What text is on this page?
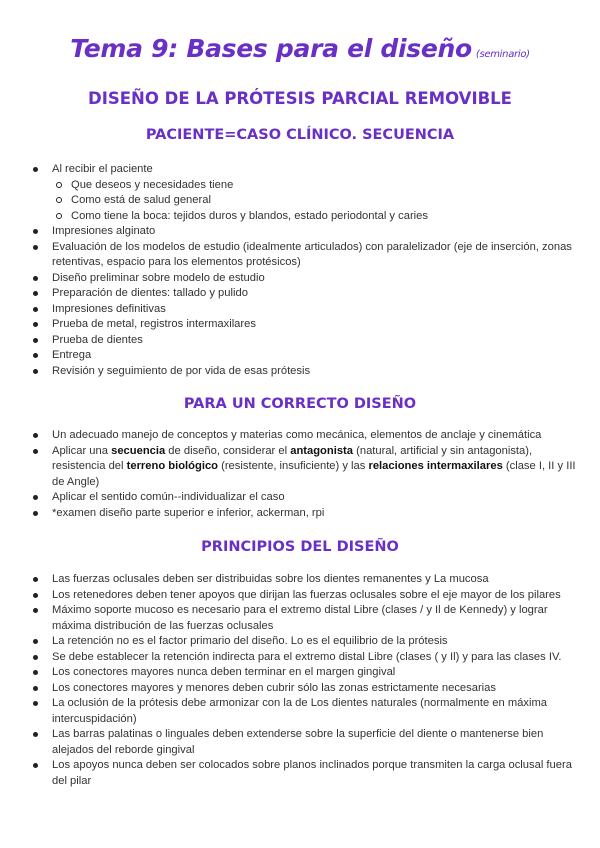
Tema 9: Bases para el diseño (seminario)
DISEÑO DE LA PRÓTESIS PARCIAL REMOVIBLE
PACIENTE=CASO CLÍNICO. SECUENCIA
Al recibir el paciente
Que deseos y necesidades tiene
Como está de salud general
Como tiene la boca: tejidos duros y blandos, estado periodontal y caries
Impresiones alginato
Evaluación de los modelos de estudio (idealmente articulados) con paralelizador (eje de inserción, zonas retentivas, espacio para los elementos protésicos)
Diseño preliminar sobre modelo de estudio
Preparación de dientes: tallado y pulido
Impresiones definitivas
Prueba de metal, registros intermaxilares
Prueba de dientes
Entrega
Revisión y seguimiento de por vida de esas prótesis
PARA UN CORRECTO DISEÑO
Un adecuado manejo de conceptos y materias como mecánica, elementos de anclaje y cinemática
Aplicar una secuencia de diseño, considerar el antagonista (natural, artificial y sin antagonista), resistencia del terreno biológico (resistente, insuficiente) y las relaciones intermaxilares (clase I, II y III de Angle)
Aplicar el sentido común--individualizar el caso
*examen diseño parte superior e inferior, ackerman, rpi
PRINCIPIOS DEL DISEÑO
Las fuerzas oclusales deben ser distribuidas sobre los dientes remanentes y La mucosa
Los retenedores deben tener apoyos que dirijan las fuerzas oclusales sobre el eje mayor de los pilares
Máximo soporte mucoso es necesario para el extremo distal Libre (clases / y Il de Kennedy) y lograr máxima distribución de las fuerzas oclusales
La retención no es el factor primario del diseño. Lo es el equilibrio de la prótesis
Se debe establecer la retención indirecta para el extremo distal Libre (clases ( y Il) y para las clases IV.
Los conectores mayores nunca deben terminar en el margen gingival
Los conectores mayores y menores deben cubrir sólo las zonas estrictamente necesarias
La oclusión de la prótesis debe armonizar con la de Los dientes naturales (normalmente en máxima intercuspidación)
Las barras palatinas o linguales deben extenderse sobre la superficie del diente o mantenerse bien alejados del reborde gingival
Los apoyos nunca deben ser colocados sobre planos inclinados porque transmiten la carga oclusal fuera del pilar
